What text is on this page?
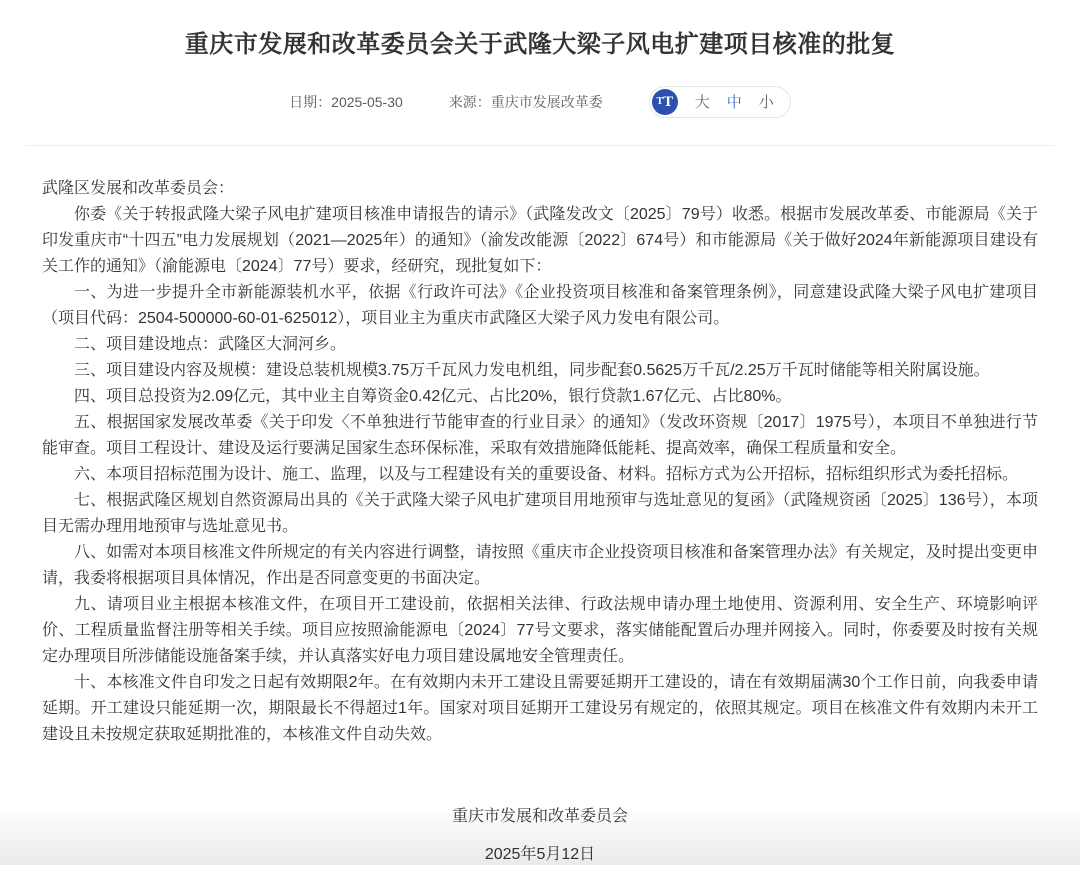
重庆市发展和改革委员会关于武隆大梁子风电扩建项目核准的批复
日期：2025-05-30	来源：重庆市发展改革委	T T 大 中 小

武隆区发展和改革委员会：

你委《关于转报武隆大梁子风电扩建项目核准申请报告的请示》（武隆发改文〔2025〕79号）收悉。根据市发展改革委、市能源局《关于印发重庆市“十四五”电力发展规划（2021—2025年）的通知》（渝发改能源〔2022〕674号）和市能源局《关于做好2024年新能源项目建设有关工作的通知》（渝能源电〔2024〕77号）要求，经研究，现批复如下：

一、为进一步提升全市新能源装机水平，依据《行政许可法》《企业投资项目核准和备案管理条例》，同意建设武隆大梁子风电扩建项目（项目代码：2504-500000-60-01-625012），项目业主为重庆市武隆区大梁子风力发电有限公司。

二、项目建设地点：武隆区大洞河乡。

三、项目建设内容及规模：建设总装机规模3.75万千瓦风力发电机组，同步配套0.5625万千瓦/2.25万千瓦时储能等相关附属设施。

四、项目总投资为2.09亿元，其中业主自筹资金0.42亿元、占比20%，银行贷款1.67亿元、占比80%。

五、根据国家发展改革委《关于印发〈不单独进行节能审查的行业目录〉的通知》（发改环资规〔2017〕1975号），本项目不单独进行节能审查。项目工程设计、建设及运行要满足国家生态环保标准，采取有效措施降低能耗、提高效率，确保工程质量和安全。

六、本项目招标范围为设计、施工、监理，以及与工程建设有关的重要设备、材料。招标方式为公开招标，招标组织形式为委托招标。

七、根据武隆区规划自然资源局出具的《关于武隆大梁子风电扩建项目用地预审与选址意见的复函》（武隆规资函〔2025〕136号），本项目无需办理用地预审与选址意见书。

八、如需对本项目核准文件所规定的有关内容进行调整，请按照《重庆市企业投资项目核准和备案管理办法》有关规定，及时提出变更申请，我委将根据项目具体情况，作出是否同意变更的书面决定。

九、请项目业主根据本核准文件，在项目开工建设前，依据相关法律、行政法规申请办理土地使用、资源利用、安全生产、环境影响评价、工程质量监督注册等相关手续。项目应按照渝能源电〔2024〕77号文要求，落实储能配置后办理并网接入。同时，你委要及时按有关规定办理项目所涉储能设施备案手续，并认真落实好电力项目建设属地安全管理责任。

十、本核准文件自印发之日起有效期限2年。在有效期内未开工建设且需要延期开工建设的，请在有效期届满30个工作日前，向我委申请延期。开工建设只能延期一次，期限最长不得超过1年。国家对项目延期开工建设另有规定的，依照其规定。项目在核准文件有效期内未开工建设且未按规定获取延期批准的，本核准文件自动失效。

重庆市发展和改革委员会
2025年5月12日
